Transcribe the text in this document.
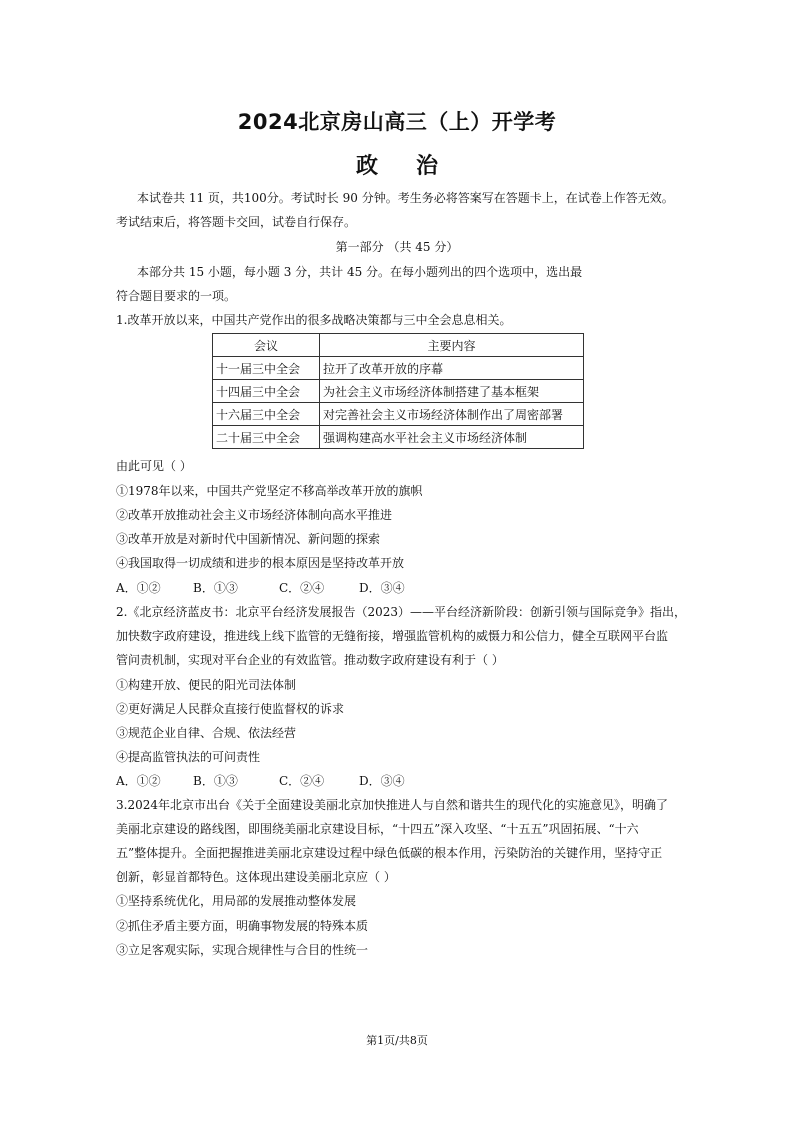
2024北京房山高三（上）开学考
政治
本试卷共 11 页，共100分。考试时长 90 分钟。考生务必将答案写在答题卡上，在试卷上作答无效。
考试结束后，将答题卡交回，试卷自行保存。
第一部分 （共 45 分）
本部分共 15 小题，每小题 3 分，共计 45 分。在每小题列出的四个选项中，选出最
符合题目要求的一项。
1.改革开放以来，中国共产党作出的很多战略决策都与三中全会息息相关。
会议	主要内容
十一届三中全会	拉开了改革开放的序幕
十四届三中全会	为社会主义市场经济体制搭建了基本框架
十六届三中全会	对完善社会主义市场经济体制作出了周密部署
二十届三中全会	强调构建高水平社会主义市场经济体制
由此可见（ ）
①1978年以来，中国共产党坚定不移高举改革开放的旗帜
②改革开放推动社会主义市场经济体制向高水平推进
③改革开放是对新时代中国新情况、新问题的探索
④我国取得一切成绩和进步的根本原因是坚持改革开放
A．①②	B．①③	C．②④	D．③④
2.《北京经济蓝皮书：北京平台经济发展报告（2023）——平台经济新阶段：创新引领与国际竞争》指出，
加快数字政府建设，推进线上线下监管的无缝衔接，增强监管机构的威慑力和公信力，健全互联网平台监
管问责机制，实现对平台企业的有效监管。推动数字政府建设有利于（ ）
①构建开放、便民的阳光司法体制
②更好满足人民群众直接行使监督权的诉求
③规范企业自律、合规、依法经营
④提高监管执法的可问责性
A．①②	B．①③	C．②④	D．③④
3.2024年北京市出台《关于全面建设美丽北京加快推进人与自然和谐共生的现代化的实施意见》，明确了
美丽北京建设的路线图，即围绕美丽北京建设目标，“十四五”深入攻坚、“十五五”巩固拓展、“十六
五”整体提升。全面把握推进美丽北京建设过程中绿色低碳的根本作用，污染防治的关键作用，坚持守正
创新，彰显首都特色。这体现出建设美丽北京应（ ）
①坚持系统优化，用局部的发展推动整体发展
②抓住矛盾主要方面，明确事物发展的特殊本质
③立足客观实际，实现合规律性与合目的性统一
第1页/共8页
